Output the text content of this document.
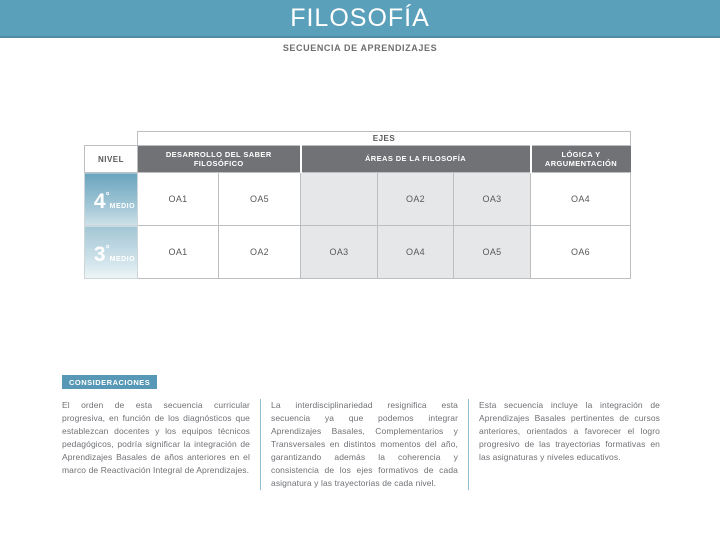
FILOSOFÍA
SECUENCIA DE APRENDIZAJES
	EJES					
NIVEL	DESARROLLO DEL SABER FILOSÓFICO		ÁREAS DE LA FILOSOFÍA			LÓGICA Y ARGUMENTACIÓN
4°MEDIO	OA1	OA5		OA2	OA3	OA4
3°MEDIO	OA1	OA2	OA3	OA4	OA5	OA6
CONSIDERACIONES
El orden de esta secuencia curricular progresiva, en función de los diagnósticos que establezcan docentes y los equipos técnicos pedagógicos, podría significar la integración de Aprendizajes Basales de años anteriores en el marco de Reactivación Integral de Aprendizajes.
La interdisciplinariedad resignifica esta secuencia ya que podemos integrar Aprendizajes Basales, Complementarios y Transversales en distintos momentos del año, garantizando además la coherencia y consistencia de los ejes formativos de cada asignatura y las trayectorias de cada nivel.
Esta secuencia incluye la integración de Aprendizajes Basales pertinentes de cursos anteriores, orientados a favorecer el logro progresivo de las trayectorias formativas en las asignaturas y niveles educativos.
